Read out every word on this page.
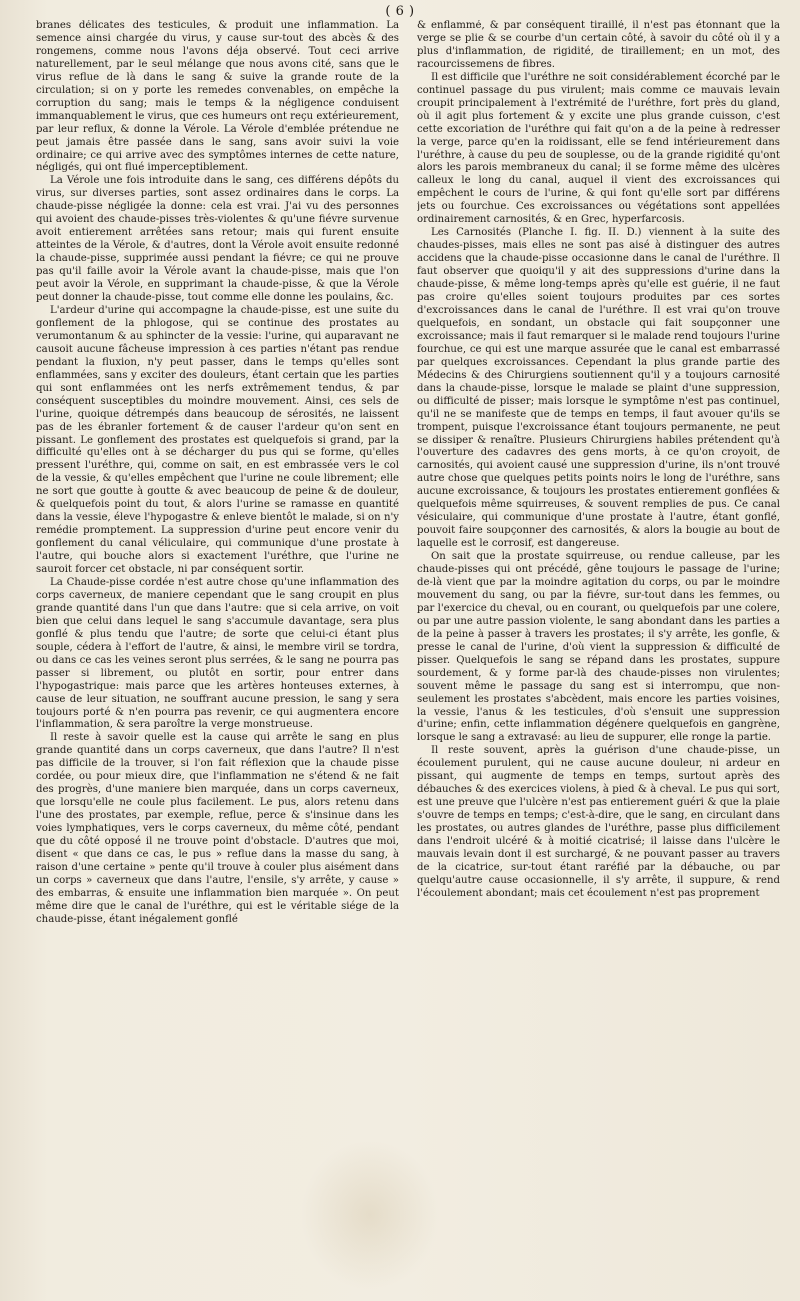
( 6 )

branes délicates des testicules, & produit une inflammation. La semence ainsi chargée du virus, y cause sur-tout des abcès & des rongemens, comme nous l'avons déja observé. Tout ceci arrive naturellement, par le seul mélange que nous avons cité, sans que le virus reflue de là dans le sang & suive la grande route de la circulation; si on y porte les remedes convenables, on empêche la corruption du sang; mais le temps & la négligence conduisent immanquablement le virus, que ces humeurs ont reçu extérieurement, par leur reflux, & donne la Vérole. La Vérole d'emblée prétendue ne peut jamais être passée dans le sang, sans avoir suivi la voie ordinaire; ce qui arrive avec des symptômes internes de cette nature, négligés, qui ont flué imperceptiblement.

La Vérole une fois introduite dans le sang, ces différens dépôts du virus, sur diverses parties, sont assez ordinaires dans le corps. La chaude-pisse négligée la donne: cela est vrai. J'ai vu des personnes qui avoient des chaude-pisses très-violentes & qu'une fiévre survenue avoit entierement arrêtées sans retour; mais qui furent ensuite atteintes de la Vérole, & d'autres, dont la Vérole avoit ensuite redonné la chaude-pisse, supprimée aussi pendant la fiévre; ce qui ne prouve pas qu'il faille avoir la Vérole avant la chaude-pisse, mais que l'on peut avoir la Vérole, en supprimant la chaude-pisse, & que la Vérole peut donner la chaude-pisse, tout comme elle donne les poulains, &c.

L'ardeur d'urine qui accompagne la chaude-pisse, est une suite du gonflement de la phlogose, qui se continue des prostates au verumontanum & au sphincter de la vessie: l'urine, qui auparavant ne causoit aucune fâcheuse impression à ces parties n'étant pas rendue pendant la fluxion, n'y peut passer, dans le temps qu'elles sont enflammées, sans y exciter des douleurs, étant certain que les parties qui sont enflammées ont les nerfs extrêmement tendus, & par conséquent susceptibles du moindre mouvement. Ainsi, ces sels de l'urine, quoique détrempés dans beaucoup de sérosités, ne laissent pas de les ébranler fortement & de causer l'ardeur qu'on sent en pissant. Le gonflement des prostates est quelquefois si grand, par la difficulté qu'elles ont à se décharger du pus qui se forme, qu'elles pressent l'uréthre, qui, comme on sait, en est embrassée vers le col de la vessie, & qu'elles empêchent que l'urine ne coule librement; elle ne sort que goutte à goutte & avec beaucoup de peine & de douleur, & quelquefois point du tout, & alors l'urine se ramasse en quantité dans la vessie, éleve l'hypogastre & enleve bientôt le malade, si on n'y remédie promptement. La suppression d'urine peut encore venir du gonflement du canal véliculaire, qui communique d'une prostate à l'autre, qui bouche alors si exactement l'uréthre, que l'urine ne sauroit forcer cet obstacle, ni par conséquent sortir.

La Chaude-pisse cordée n'est autre chose qu'une inflammation des corps caverneux, de maniere cependant que le sang croupit en plus grande quantité dans l'un que dans l'autre: que si cela arrive, on voit bien que celui dans lequel le sang s'accumule davantage, sera plus gonflé & plus tendu que l'autre; de sorte que celui-ci étant plus souple, cédera à l'effort de l'autre, & ainsi, le membre viril se tordra, ou dans ce cas les veines seront plus serrées, & le sang ne pourra pas passer si librement, ou plutôt en sortir, pour entrer dans l'hypogastrique: mais parce que les artères honteuses externes, à cause de leur situation, ne souffrant aucune pression, le sang y sera toujours porté & n'en pourra pas revenir, ce qui augmentera encore l'inflammation, & sera paroître la verge monstrueuse.

Il reste à savoir quelle est la cause qui arrête le sang en plus grande quantité dans un corps caverneux, que dans l'autre? Il n'est pas difficile de la trouver, si l'on fait réflexion que la chaude pisse cordée, ou pour mieux dire, que l'inflammation ne s'étend & ne fait des progrès, d'une maniere bien marquée, dans un corps caverneux, que lorsqu'elle ne coule plus facilement. Le pus, alors retenu dans l'une des prostates, par exemple, reflue, perce & s'insinue dans les voies lymphatiques, vers le corps caverneux, du même côté, pendant que du côté opposé il ne trouve point d'obstacle. D'autres que moi, disent « que dans ce cas, le pus » reflue dans la masse du sang, à raison d'une certaine » pente qu'il trouve à couler plus aisément dans un corps » caverneux que dans l'autre, l'ensile, s'y arrête, y cause » des embarras, & ensuite une inflammation bien marquée ». On peut même dire que le canal de l'uréthre, qui est le véritable siége de la chaude-pisse, étant inégalement gonflé

& enflammé, & par conséquent tiraillé, il n'est pas étonnant que la verge se plie & se courbe d'un certain côté, à savoir du côté où il y a plus d'inflammation, de rigidité, de tiraillement; en un mot, des racourcissemens de fibres.

Il est difficile que l'uréthre ne soit considérablement écorché par le continuel passage du pus virulent; mais comme ce mauvais levain croupit principalement à l'extrémité de l'uréthre, fort près du gland, où il agit plus fortement & y excite une plus grande cuisson, c'est cette excoriation de l'uréthre qui fait qu'on a de la peine à redresser la verge, parce qu'en la roidissant, elle se fend intérieurement dans l'uréthre, à cause du peu de souplesse, ou de la grande rigidité qu'ont alors les parois membraneux du canal; il se forme même des ulcères calleux le long du canal, auquel il vient des excroissances qui empêchent le cours de l'urine, & qui font qu'elle sort par différens jets ou fourchue. Ces excroissances ou végétations sont appellées ordinairement carnosités, & en Grec, hyperfarcosis.

Les Carnosités (Planche I. fig. II. D.) viennent à la suite des chaudes-pisses, mais elles ne sont pas aisé à distinguer des autres accidens que la chaude-pisse occasionne dans le canal de l'uréthre. Il faut observer que quoiqu'il y ait des suppressions d'urine dans la chaude-pisse, & même long-temps après qu'elle est guérie, il ne faut pas croire qu'elles soient toujours produites par ces sortes d'excroissances dans le canal de l'uréthre. Il est vrai qu'on trouve quelquefois, en sondant, un obstacle qui fait soupçonner une excroissance; mais il faut remarquer si le malade rend toujours l'urine fourchue, ce qui est une marque assurée que le canal est embarrassé par quelques excroissances. Cependant la plus grande partie des Médecins & des Chirurgiens soutiennent qu'il y a toujours carnosité dans la chaude-pisse, lorsque le malade se plaint d'une suppression, ou difficulté de pisser; mais lorsque le symptôme n'est pas continuel, qu'il ne se manifeste que de temps en temps, il faut avouer qu'ils se trompent, puisque l'excroissance étant toujours permanente, ne peut se dissiper & renaître. Plusieurs Chirurgiens habiles prétendent qu'à l'ouverture des cadavres des gens morts, à ce qu'on croyoit, de carnosités, qui avoient causé une suppression d'urine, ils n'ont trouvé autre chose que quelques petits points noirs le long de l'uréthre, sans aucune excroissance, & toujours les prostates entierement gonflées & quelquefois même squirreuses, & souvent remplies de pus. Ce canal vésiculaire, qui communique d'une prostate à l'autre, étant gonflé, pouvoit faire soupçonner des carnosités, & alors la bougie au bout de laquelle est le corrosif, est dangereuse.

On sait que la prostate squirreuse, ou rendue calleuse, par les chaude-pisses qui ont précédé, gêne toujours le passage de l'urine; de-là vient que par la moindre agitation du corps, ou par le moindre mouvement du sang, ou par la fiévre, sur-tout dans les femmes, ou par l'exercice du cheval, ou en courant, ou quelquefois par une colere, ou par une autre passion violente, le sang abondant dans les parties a de la peine à passer à travers les prostates; il s'y arrête, les gonfle, & presse le canal de l'urine, d'où vient la suppression & difficulté de pisser. Quelquefois le sang se répand dans les prostates, suppure sourdement, & y forme par-là des chaude-pisses non virulentes; souvent même le passage du sang est si interrompu, que non-seulement les prostates s'abcèdent, mais encore les parties voisines, la vessie, l'anus & les testicules, d'où s'ensuit une suppression d'urine; enfin, cette inflammation dégénere quelquefois en gangrène, lorsque le sang a extravasé: au lieu de suppurer, elle ronge la partie.

Il reste souvent, après la guérison d'une chaude-pisse, un écoulement purulent, qui ne cause aucune douleur, ni ardeur en pissant, qui augmente de temps en temps, surtout après des débauches & des exercices violens, à pied & à cheval. Le pus qui sort, est une preuve que l'ulcère n'est pas entierement guéri & que la plaie s'ouvre de temps en temps; c'est-à-dire, que le sang, en circulant dans les prostates, ou autres glandes de l'uréthre, passe plus difficilement dans l'endroit ulcéré & à moitié cicatrisé; il laisse dans l'ulcère le mauvais levain dont il est surchargé, & ne pouvant passer au travers de la cicatrice, sur-tout étant raréfié par la débauche, ou par quelqu'autre cause occasionnelle, il s'y arrête, il suppure, & rend l'écoulement abondant; mais cet écoulement n'est pas proprement
